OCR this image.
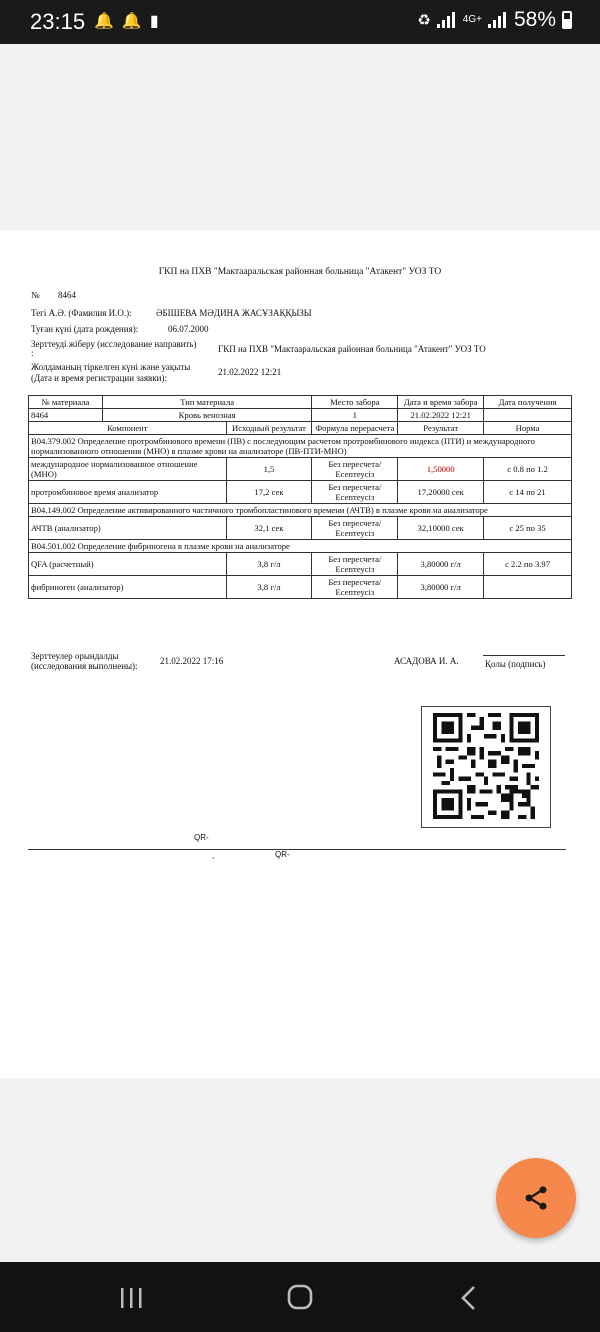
23:15 🔔 🔔 ▮	♻	4G+ 58%
ГКП на ПХВ "Мактааральская районная больница "Атакент" УОЗ ТО
№ 8464
Тегі А.Ә. (Фамилия И.О.):	ӘБІШЕВА МӘДИНА ЖАСҰЗАҚҚЫЗЫ
Туған күні (дата рождения):	06.07.2000
Зерттеуді жіберу (исследование направить)
:	ГКП на ПХВ "Мактааральская районная больница "Атакент" УОЗ ТО
Жолдаманың тіркелген күні және уақыты
(Дата и время регистрации заявки):
21.02.2022 12:21
№ материала	Тип материала		Место забора	Дата и время забора	Дата получения
8464	Кровь венозная		1	21.02.2022 12:21	
Компонент		Исходный результат	Формула перерасчета	Результат	Норма
B04.379.002 Определение протромбинового времени (ПВ) с последующим расчетом протромбинового индекса (ПТИ) и международного нормализованного отношения (МНО) в плазме крови на анализаторе (ПВ-ПТИ-МНО)					
международное нормализованное отношение (МНО)		1,5	Без пересчета/ Есептеусіз	1,50000	с 0.8 по 1.2
протромбиновое время анализатор		17,2 сек	Без пересчета/ Есептеусіз	17,20000 сек	с 14 по 21
B04.149.002 Определение активированного частичного тромбопластинового времени (АЧТВ) в плазме крови на анализаторе					
АЧТВ (анализатор)		32,1 сек	Без пересчета/ Есептеусіз	32,10000 сек	с 25 по 35
B04.501.002 Определение фибриногена в плазме крови на анализаторе					
QFA (расчетный)		3,8 г/л	Без пересчета/ Есептеусіз	3,80000 г/л	с 2.2 по 3.97
фибриноген (анализатор)		3,8 г/л	Без пересчета/ Есептеусіз	3,80000 г/л	
Зерттеулер орындалды
(исследования выполнены): 21.02.2022 17:16	АСАДОВА И. А.	Қолы (подпись)
QR-
,	QR-
